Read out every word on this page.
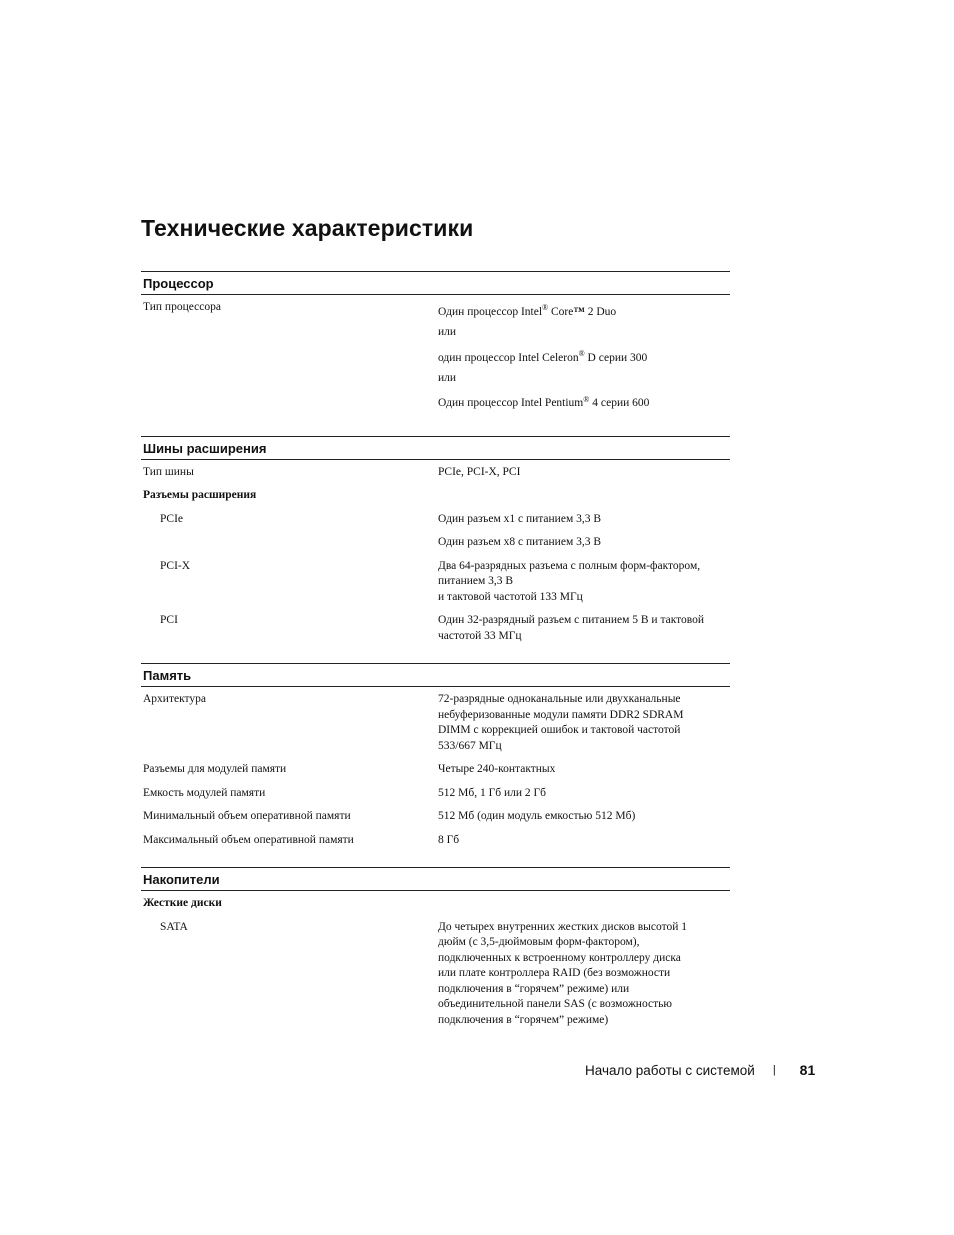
Технические характеристики
Процессор
Тип процессора	Один процессор Intel® Core™ 2 Duo
или
один процессор Intel Celeron® D серии 300
или
Один процессор Intel Pentium® 4 серии 600
Шины расширения
Тип шины	PCIe, PCI-X, PCI
Разъемы расширения
PCIe	Один разъем x1 с питанием 3,3 В
Один разъем x8 с питанием 3,3 В
PCI-X	Два 64-разрядных разъема с полным форм-фактором, питанием 3,3 В
и тактовой частотой 133 МГц
PCI	Один 32-разрядный разъем с питанием 5 В и тактовой частотой 33 МГц
Память
Архитектура	72-разрядные одноканальные или двухканальные небуферизованные модули памяти DDR2 SDRAM DIMM с коррекцией ошибок и тактовой частотой 533/667 МГц
Разъемы для модулей памяти	Четыре 240-контактных
Емкость модулей памяти	512 Мб, 1 Гб или 2 Гб
Минимальный объем оперативной памяти	512 Мб (один модуль емкостью 512 Мб)
Максимальный объем оперативной памяти	8 Гб
Накопители
Жесткие диски
SATA	До четырех внутренних жестких дисков высотой 1 дюйм (с 3,5-дюймовым форм-фактором), подключенных к встроенному контроллеру диска или плате контроллера RAID (без возможности подключения в “горячем” режиме) или объединительной панели SAS (с возможностью подключения в “горячем” режиме)
Начало работы с системой | 81
